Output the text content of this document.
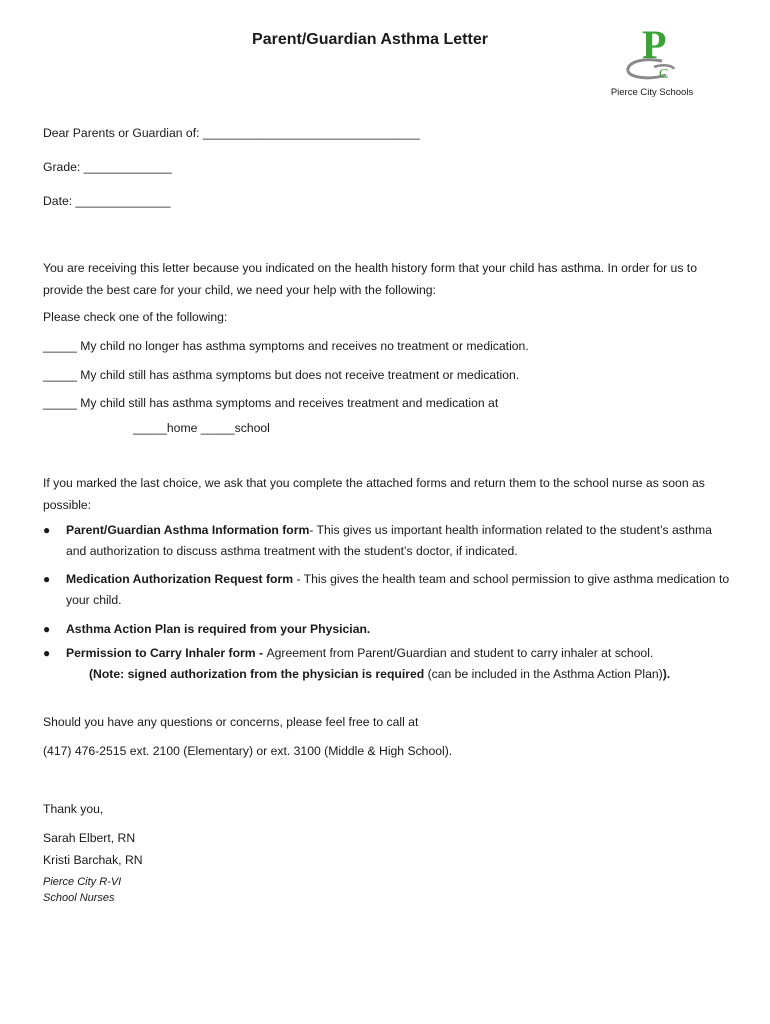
Parent/Guardian Asthma Letter	P
C
Pierce City Schools
Dear Parents or Guardian of: ________________________________
Grade: _____________
Date: ______________
You are receiving this letter because you indicated on the health history form that your child has asthma. In order for us to provide the best care for your child, we need your help with the following:
Please check one of the following:
_____ My child no longer has asthma symptoms and receives no treatment or medication.
_____ My child still has asthma symptoms but does not receive treatment or medication.
_____ My child still has asthma symptoms and receives treatment and medication at
_____home _____school
If you marked the last choice, we ask that you complete the attached forms and return them to the school nurse as soon as possible:
● Parent/Guardian Asthma Information form- This gives us important health information related to the student’s asthma and authorization to discuss asthma treatment with the student’s doctor, if indicated.
● Medication Authorization Request form - This gives the health team and school permission to give asthma medication to your child.
● Asthma Action Plan is required from your Physician.
● Permission to Carry Inhaler form - Agreement from Parent/Guardian and student to carry inhaler at school.
(Note: signed authorization from the physician is required (can be included in the Asthma Action Plan)).
Should you have any questions or concerns, please feel free to call at
(417) 476-2515 ext. 2100 (Elementary) or ext. 3100 (Middle & High School).
Thank you,
Sarah Elbert, RN
Kristi Barchak, RN
Pierce City R-VI
School Nurses
